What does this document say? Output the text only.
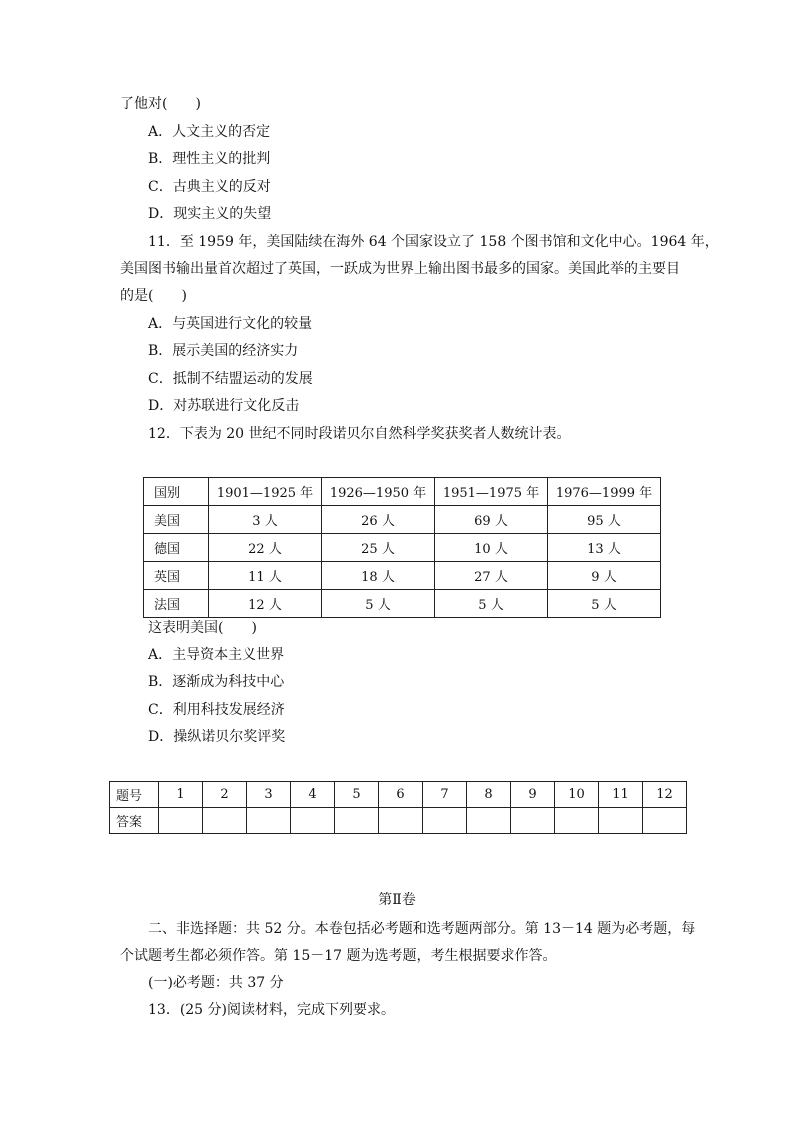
了他对(　　)
A．人文主义的否定
B．理性主义的批判
C．古典主义的反对
D．现实主义的失望
11．至 1959 年，美国陆续在海外 64 个国家设立了 158 个图书馆和文化中心。1964 年，
美国图书输出量首次超过了英国，一跃成为世界上输出图书最多的国家。美国此举的主要目
的是(　　)
A．与英国进行文化的较量
B．展示美国的经济实力
C．抵制不结盟运动的发展
D．对苏联进行文化反击
12．下表为 20 世纪不同时段诺贝尔自然科学奖获奖者人数统计表。
这表明美国(　　)
A．主导资本主义世界
B．逐渐成为科技中心
C．利用科技发展经济
D．操纵诺贝尔奖评奖
第Ⅱ卷
二、非选择题：共 52 分。本卷包括必考题和选考题两部分。第 13－14 题为必考题，每
个试题考生都必须作答。第 15－17 题为选考题，考生根据要求作答。
(一)必考题：共 37 分
13．(25 分)阅读材料，完成下列要求。
国别	1901—1925 年	1926—1950 年	1951—1975 年	1976—1999 年
美国	3 人	26 人	69 人	95 人
德国	22 人	25 人	10 人	13 人
英国	11 人	18 人	27 人	9 人
法国	12 人	5 人	5 人	5 人
题号	1	2	3	4	5	6	7	8	9	10	11	12
答案												
